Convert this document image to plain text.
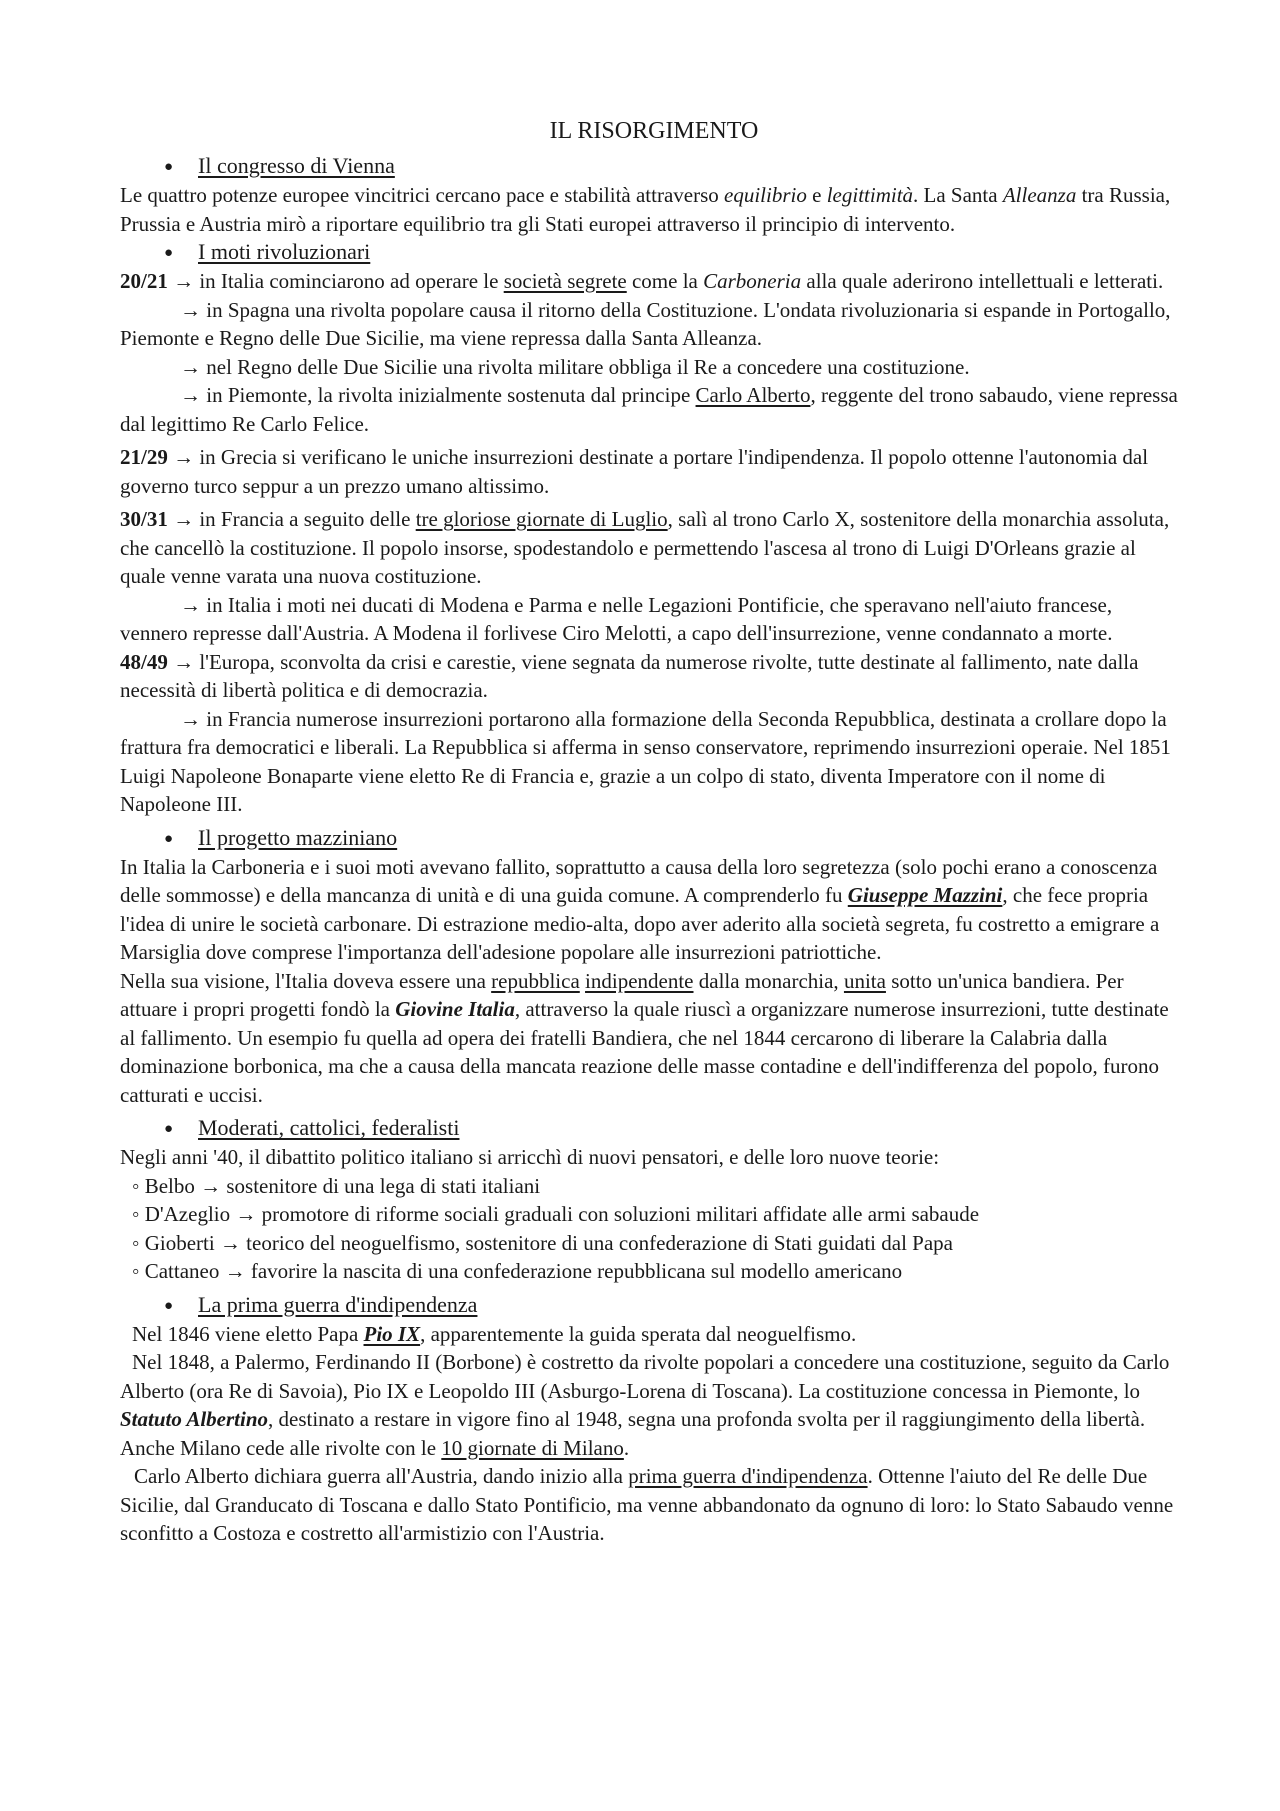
IL RISORGIMENTO
● Il congresso di Vienna

Le quattro potenze europee vincitrici cercano pace e stabilità attraverso equilibrio e legittimità. La Santa Alleanza tra Russia, Prussia e Austria mirò a riportare equilibrio tra gli Stati europei attraverso il principio di intervento.

● I moti rivoluzionari

20/21 → in Italia cominciarono ad operare le società segrete come la Carboneria alla quale aderirono intellettuali e letterati.

→ in Spagna una rivolta popolare causa il ritorno della Costituzione. L'ondata rivoluzionaria si espande in Portogallo, Piemonte e Regno delle Due Sicilie, ma viene repressa dalla Santa Alleanza.

→ nel Regno delle Due Sicilie una rivolta militare obbliga il Re a concedere una costituzione.

→ in Piemonte, la rivolta inizialmente sostenuta dal principe Carlo Alberto, reggente del trono sabaudo, viene repressa dal legittimo Re Carlo Felice.

21/29 → in Grecia si verificano le uniche insurrezioni destinate a portare l'indipendenza. Il popolo ottenne l'autonomia dal governo turco seppur a un prezzo umano altissimo.

30/31 → in Francia a seguito delle tre gloriose giornate di Luglio, salì al trono Carlo X, sostenitore della monarchia assoluta, che cancellò la costituzione. Il popolo insorse, spodestandolo e permettendo l'ascesa al trono di Luigi D'Orleans grazie al quale venne varata una nuova costituzione.

→ in Italia i moti nei ducati di Modena e Parma e nelle Legazioni Pontificie, che speravano nell'aiuto francese, vennero represse dall'Austria. A Modena il forlivese Ciro Melotti, a capo dell'insurrezione, venne condannato a morte.

48/49 → l'Europa, sconvolta da crisi e carestie, viene segnata da numerose rivolte, tutte destinate al fallimento, nate dalla necessità di libertà politica e di democrazia.

→ in Francia numerose insurrezioni portarono alla formazione della Seconda Repubblica, destinata a crollare dopo la frattura fra democratici e liberali. La Repubblica si afferma in senso conservatore, reprimendo insurrezioni operaie. Nel 1851 Luigi Napoleone Bonaparte viene eletto Re di Francia e, grazie a un colpo di stato, diventa Imperatore con il nome di Napoleone III.

● Il progetto mazziniano

In Italia la Carboneria e i suoi moti avevano fallito, soprattutto a causa della loro segretezza (solo pochi erano a conoscenza delle sommosse) e della mancanza di unità e di una guida comune. A comprenderlo fu Giuseppe Mazzini, che fece propria l'idea di unire le società carbonare. Di estrazione medio-alta, dopo aver aderito alla società segreta, fu costretto a emigrare a Marsiglia dove comprese l'importanza dell'adesione popolare alle insurrezioni patriottiche.

Nella sua visione, l'Italia doveva essere una repubblica indipendente dalla monarchia, unita sotto un'unica bandiera. Per attuare i propri progetti fondò la Giovine Italia, attraverso la quale riuscì a organizzare numerose insurrezioni, tutte destinate al fallimento. Un esempio fu quella ad opera dei fratelli Bandiera, che nel 1844 cercarono di liberare la Calabria dalla dominazione borbonica, ma che a causa della mancata reazione delle masse contadine e dell'indifferenza del popolo, furono catturati e uccisi.

● Moderati, cattolici, federalisti

Negli anni '40, il dibattito politico italiano si arricchì di nuovi pensatori, e delle loro nuove teorie:

◦ Belbo → sostenitore di una lega di stati italiani

◦ D'Azeglio → promotore di riforme sociali graduali con soluzioni militari affidate alle armi sabaude

◦ Gioberti → teorico del neoguelfismo, sostenitore di una confederazione di Stati guidati dal Papa

◦ Cattaneo → favorire la nascita di una confederazione repubblicana sul modello americano

● La prima guerra d'indipendenza

Nel 1846 viene eletto Papa Pio IX, apparentemente la guida sperata dal neoguelfismo.

Nel 1848, a Palermo, Ferdinando II (Borbone) è costretto da rivolte popolari a concedere una costituzione, seguito da Carlo Alberto (ora Re di Savoia), Pio IX e Leopoldo III (Asburgo-Lorena di Toscana). La costituzione concessa in Piemonte, lo Statuto Albertino, destinato a restare in vigore fino al 1948, segna una profonda svolta per il raggiungimento della libertà. Anche Milano cede alle rivolte con le 10 giornate di Milano.

Carlo Alberto dichiara guerra all'Austria, dando inizio alla prima guerra d'indipendenza. Ottenne l'aiuto del Re delle Due Sicilie, dal Granducato di Toscana e dallo Stato Pontificio, ma venne abbandonato da ognuno di loro: lo Stato Sabaudo venne sconfitto a Costoza e costretto all'armistizio con l'Austria.
